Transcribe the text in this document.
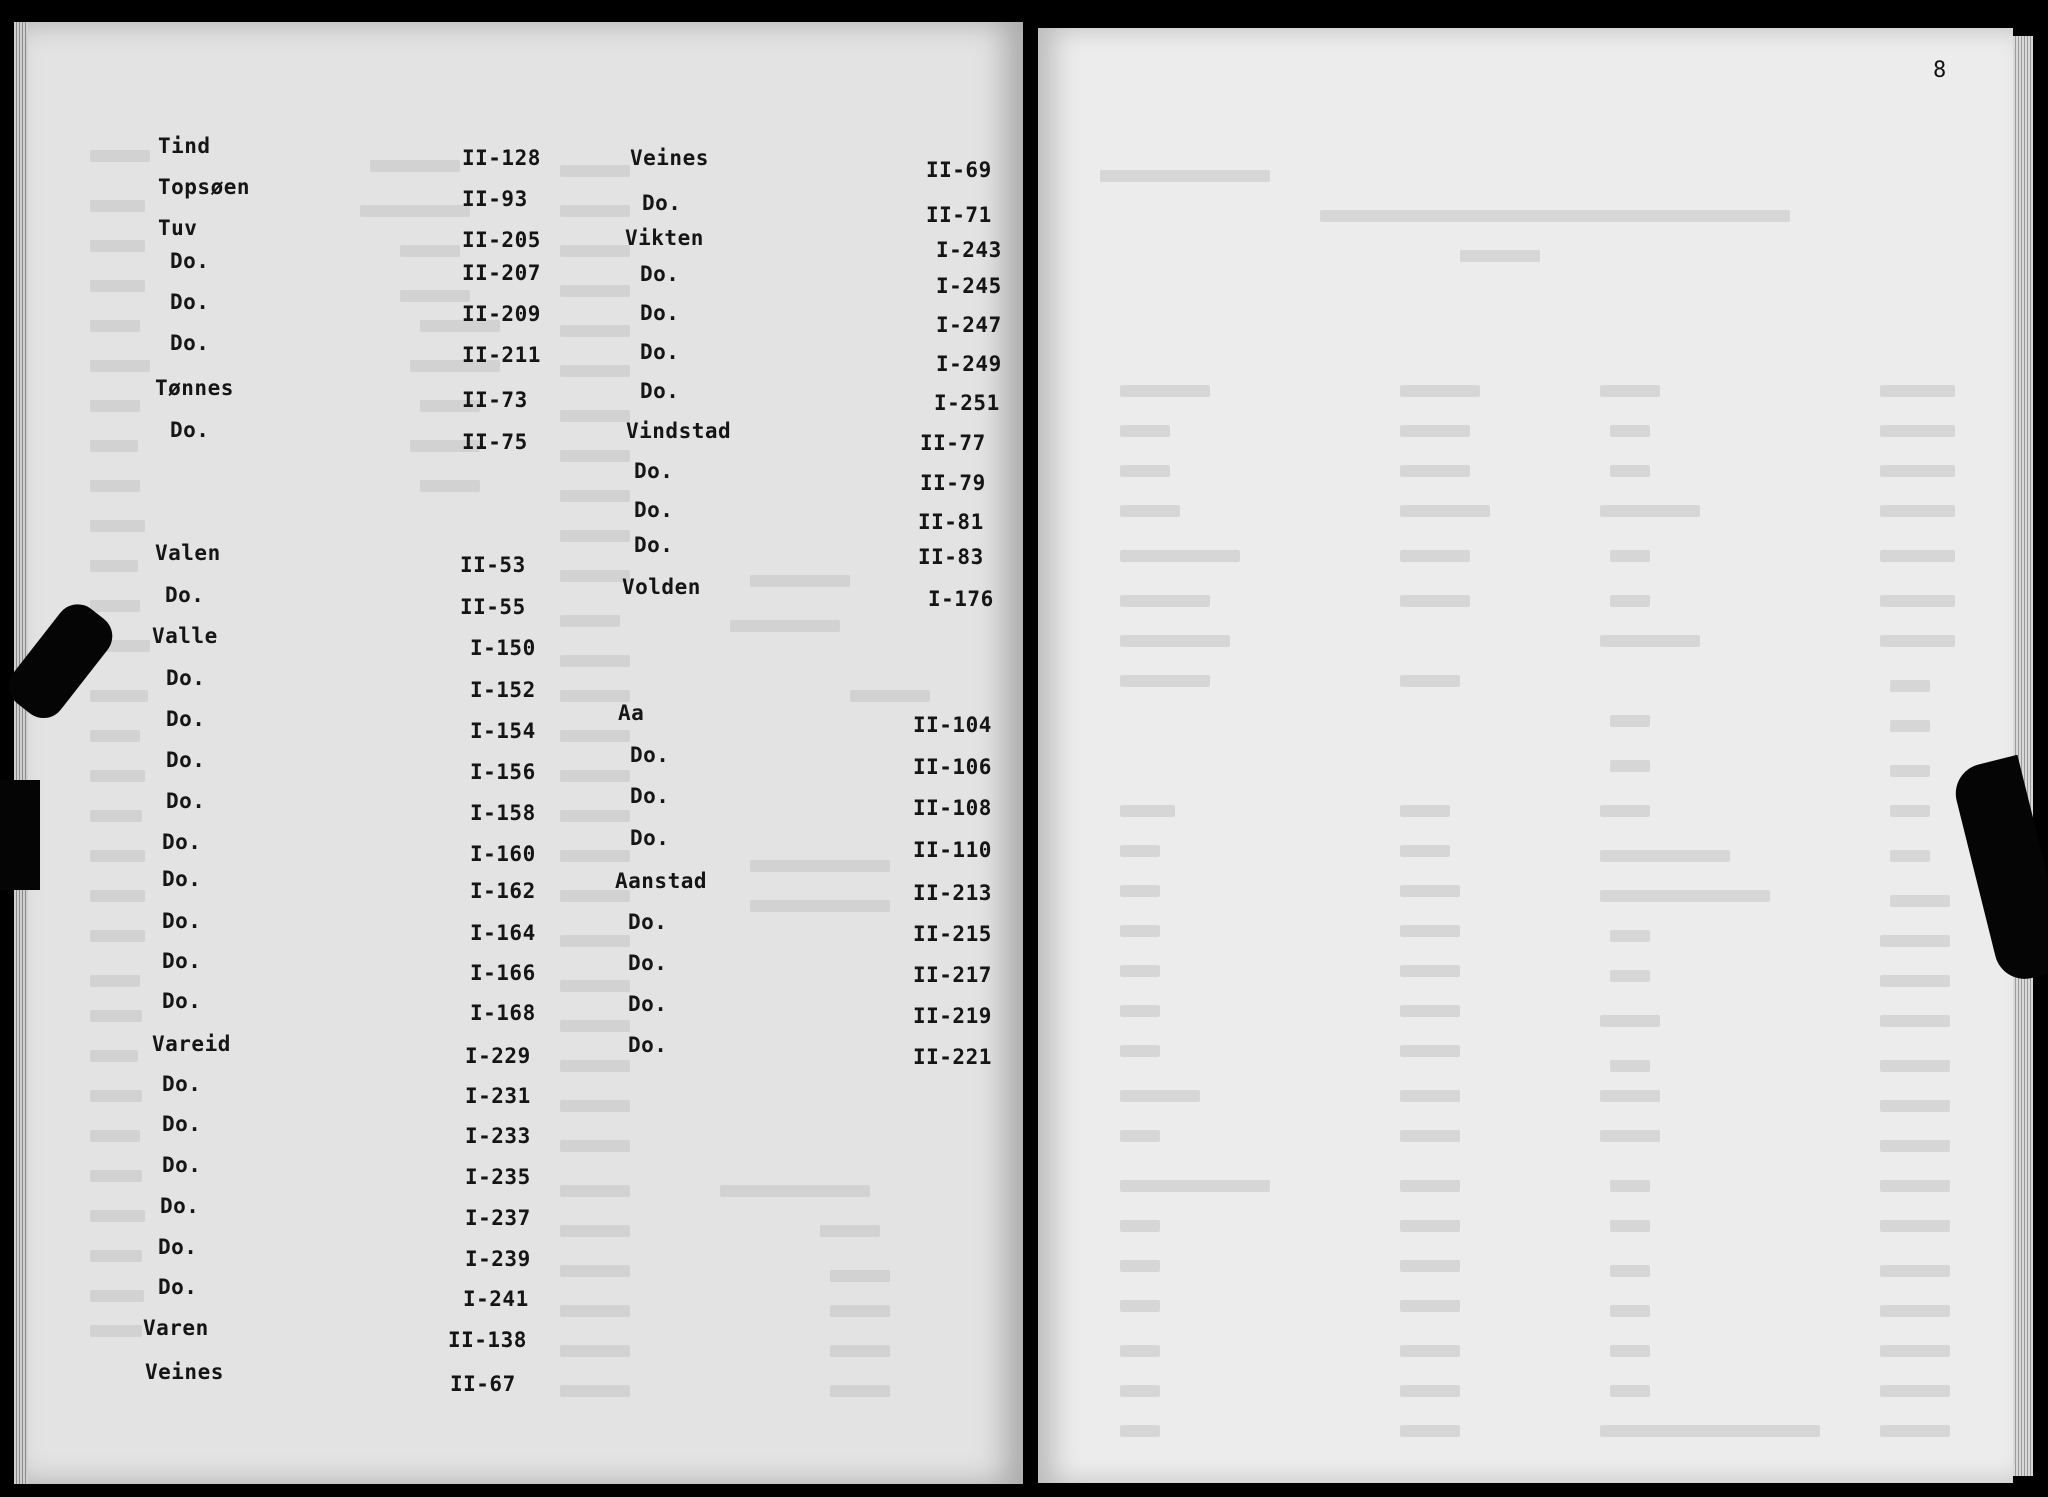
8
Tind	II-128
Topsøen	II-93
Tuv	II-205
Do.	II-207
Do.	II-209
Do.	II-211
Tønnes	II-73
Do.	II-75
Valen	II-53
Do.	II-55
Valle	I-150
Do.	I-152
Do.	I-154
Do.	I-156
Do.	I-158
Do.	I-160
Do.	I-162
Do.	I-164
Do.	I-166
Do.	I-168
Vareid	I-229
Do.	I-231
Do.	I-233
Do.	I-235
Do.	I-237
Do.	I-239
Do.	I-241
Varen	II-138
Veines	II-67
Veines	II-69
Do.	II-71
Vikten	I-243
Do.	I-245
Do.	I-247
Do.	I-249
Do.	I-251
Vindstad	II-77
Do.	II-79
Do.	II-81
Do.	II-83
Volden	I-176
Aa	II-104
Do.	II-106
Do.	II-108
Do.	II-110
Aanstad	II-213
Do.	II-215
Do.	II-217
Do.	II-219
Do.	II-221
